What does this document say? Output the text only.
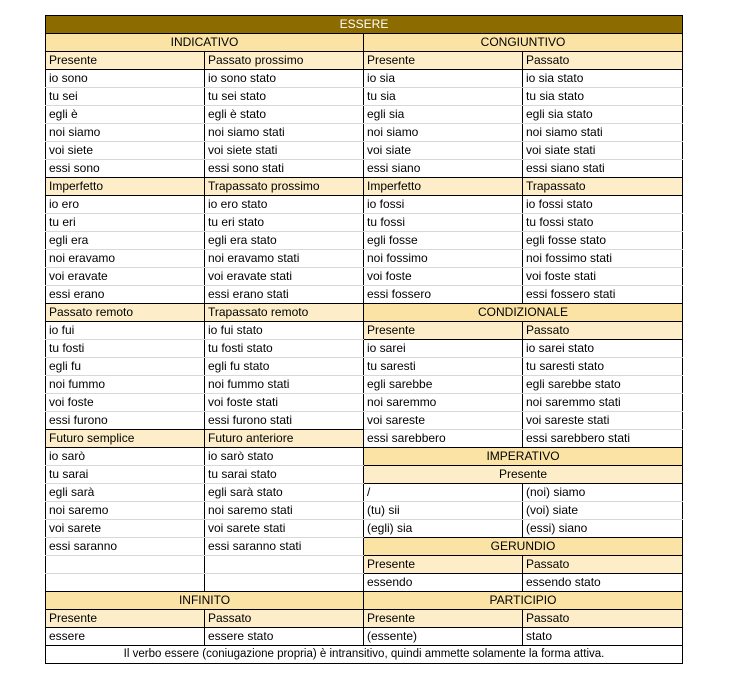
ESSERE			
INDICATIVO		CONGIUNTIVO	
Presente	Passato prossimo	Presente	Passato
io sono	io sono stato	io sia	io sia stato
tu sei	tu sei stato	tu sia	tu sia stato
egli è	egli è stato	egli sia	egli sia stato
noi siamo	noi siamo stati	noi siamo	noi siamo stati
voi siete	voi siete stati	voi siate	voi siate stati
essi sono	essi sono stati	essi siano	essi siano stati
Imperfetto	Trapassato prossimo	Imperfetto	Trapassato
io ero	io ero stato	io fossi	io fossi stato
tu eri	tu eri stato	tu fossi	tu fossi stato
egli era	egli era stato	egli fosse	egli fosse stato
noi eravamo	noi eravamo stati	noi fossimo	noi fossimo stati
voi eravate	voi eravate stati	voi foste	voi foste stati
essi erano	essi erano stati	essi fossero	essi fossero stati
Passato remoto	Trapassato remoto	CONDIZIONALE	
io fui	io fui stato	Presente	Passato
tu fosti	tu fosti stato	io sarei	io sarei stato
egli fu	egli fu stato	tu saresti	tu saresti stato
noi fummo	noi fummo stati	egli sarebbe	egli sarebbe stato
voi foste	voi foste stati	noi saremmo	noi saremmo stati
essi furono	essi furono stati	voi sareste	voi sareste stati
Futuro semplice	Futuro anteriore	essi sarebbero	essi sarebbero stati
io sarò	io sarò stato	IMPERATIVO	
tu sarai	tu sarai stato	Presente	
egli sarà	egli sarà stato	/	(noi) siamo
noi saremo	noi saremo stati	(tu) sii	(voi) siate
voi sarete	voi sarete stati	(egli) sia	(essi) siano
essi saranno	essi saranno stati	GERUNDIO	
		Presente	Passato
		essendo	essendo stato
INFINITO		PARTICIPIO	
Presente	Passato	Presente	Passato
essere	essere stato	(essente)	stato
Il verbo essere (coniugazione propria) è intransitivo, quindi ammette solamente la forma attiva.			
